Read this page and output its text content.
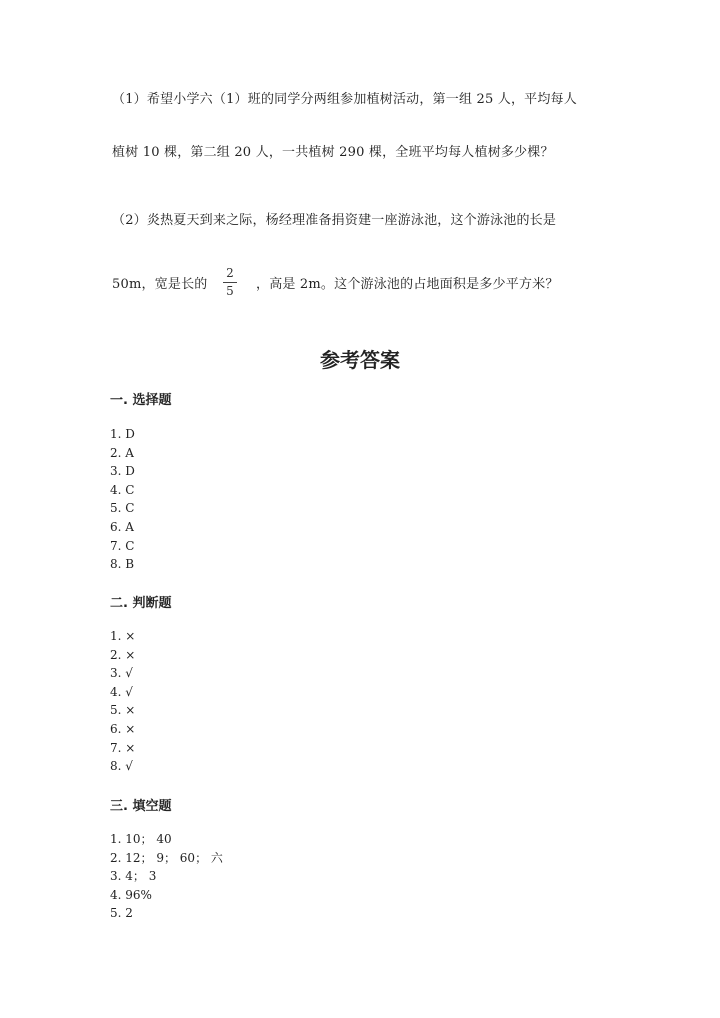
（1）希望小学六（1）班的同学分两组参加植树活动，第一组 25 人，平均每人
植树 10 棵，第二组 20 人，一共植树 290 棵，全班平均每人植树多少棵？
（2）炎热夏天到来之际，杨经理准备捐资建一座游泳池，这个游泳池的长是
50m，宽是长的
2
5 ，高是 2m。这个游泳池的占地面积是多少平方米？
参考答案
一. 选择题
1. D
2. A
3. D
4. C
5. C
6. A
7. C
8. B
二. 判断题
1. ×
2. ×
3. √
4. √
5. ×
6. ×
7. ×
8. √
三. 填空题
1. 10； 40
2. 12； 9； 60； 六
3. 4； 3
4. 96%
5. 2
